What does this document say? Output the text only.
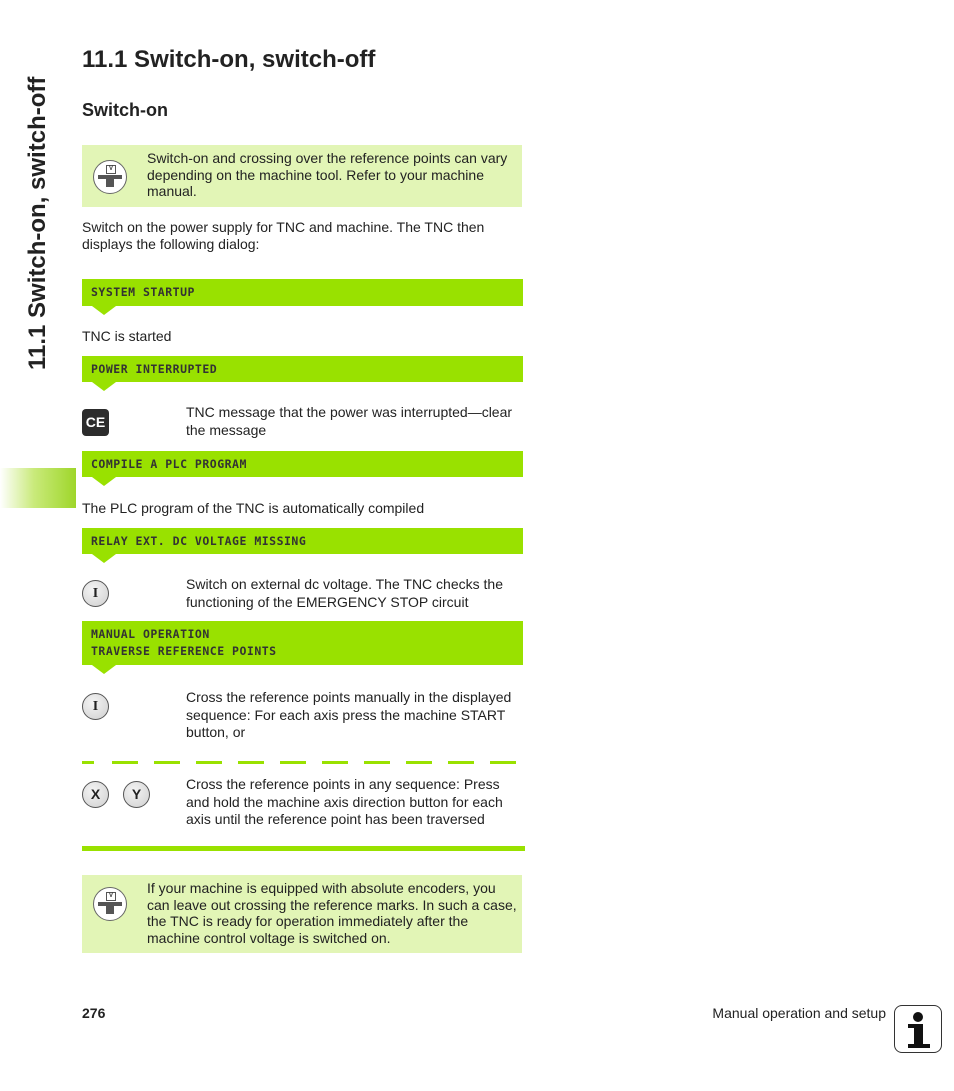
11.1 Switch-on, switch-off
11.1 Switch-on, switch-off
Switch-on
V
Switch-on and crossing over the reference points can vary depending on the machine tool. Refer to your machine manual.
Switch on the power supply for TNC and machine. The TNC then displays the following dialog:
SYSTEM STARTUP
TNC is started
POWER INTERRUPTED
CE
TNC message that the power was interrupted—clear the message
COMPILE A PLC PROGRAM
The PLC program of the TNC is automatically compiled
RELAY EXT. DC VOLTAGE MISSING
I
Switch on external dc voltage. The TNC checks the functioning of the EMERGENCY STOP circuit
MANUAL OPERATION
TRAVERSE REFERENCE POINTS
I
Cross the reference points manually in the displayed sequence: For each axis press the machine START button, or
X	Y
Cross the reference points in any sequence: Press and hold the machine axis direction button for each axis until the reference point has been traversed
V If your machine is equipped with absolute encoders, you can leave out crossing the reference marks. In such a case, the TNC is ready for operation immediately after the machine control voltage is switched on.
276	Manual operation and setup
